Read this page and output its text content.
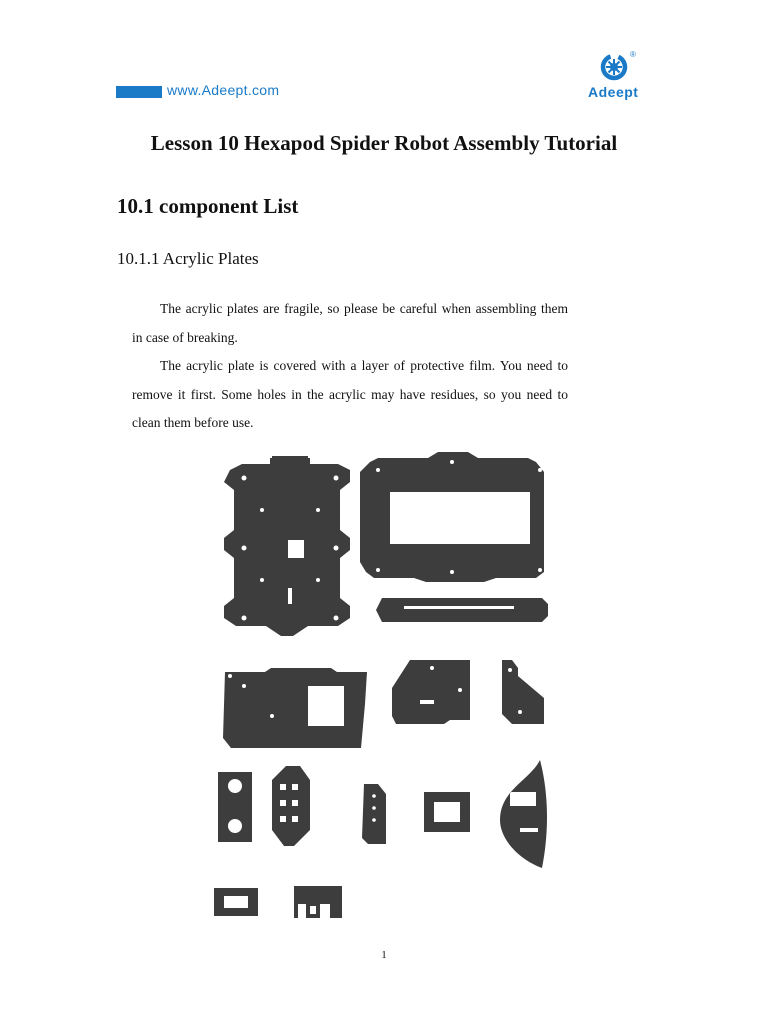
www.Adeept.com
®
Adeept
Lesson 10 Hexapod Spider Robot Assembly Tutorial
10.1 component List
10.1.1 Acrylic Plates
The acrylic plates are fragile, so please be careful when assembling them in case of breaking.
The acrylic plate is covered with a layer of protective film. You need to remove it first. Some holes in the acrylic may have residues, so you need to clean them before use.
1
